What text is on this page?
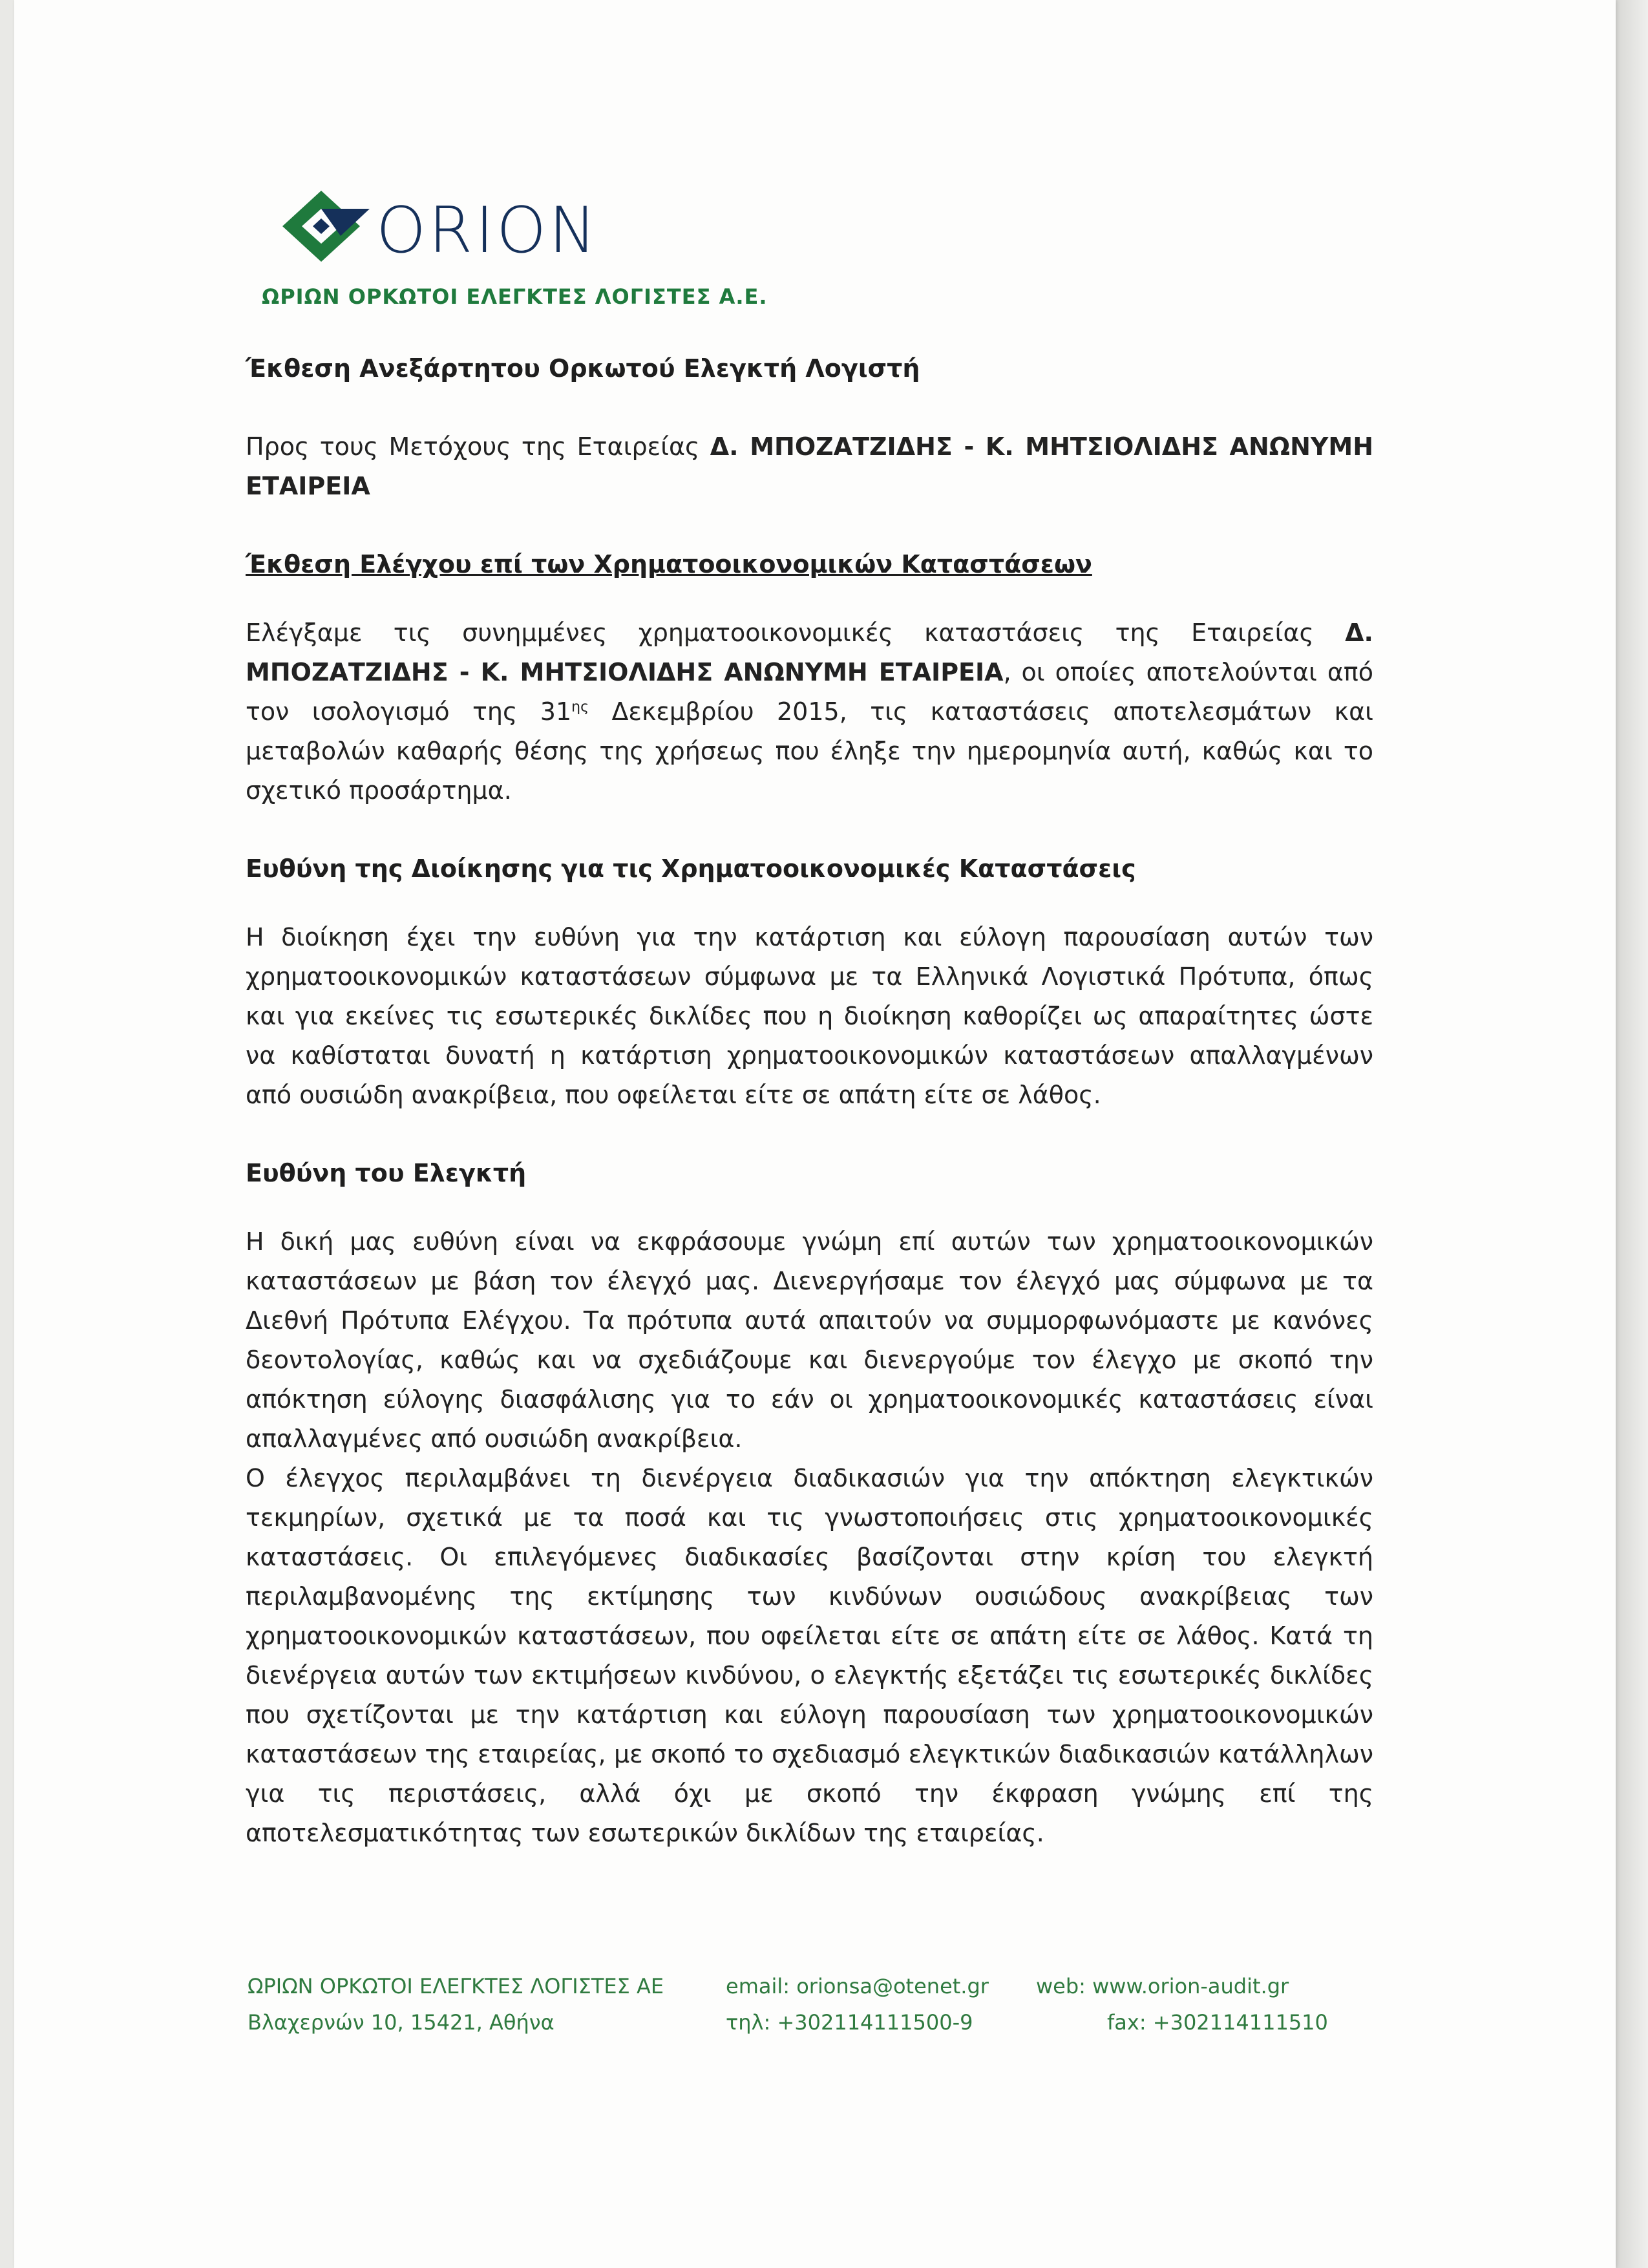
ORION
ΩΡΙΩΝ ΟΡΚΩΤΟΙ ΕΛΕΓΚΤΕΣ ΛΟΓΙΣΤΕΣ Α.Ε.

Έκθεση Ανεξάρτητου Ορκωτού Ελεγκτή Λογιστή

Προς τους Μετόχους της Εταιρείας Δ. ΜΠΟΖΑΤΖΙΔΗΣ - Κ. ΜΗΤΣΙΟΛΙΔΗΣ ΑΝΩΝΥΜΗ ΕΤΑΙΡΕΙΑ

Έκθεση Ελέγχου επί των Χρηματοοικονομικών Καταστάσεων

Ελέγξαμε τις συνημμένες χρηματοοικονομικές καταστάσεις της Εταιρείας Δ. ΜΠΟΖΑΤΖΙΔΗΣ - Κ. ΜΗΤΣΙΟΛΙΔΗΣ ΑΝΩΝΥΜΗ ΕΤΑΙΡΕΙΑ, οι οποίες αποτελούνται από τον ισολογισμό της $31^{\eta\varsigma}$ Δεκεμβρίου 2015, τις καταστάσεις αποτελεσμάτων και μεταβολών καθαρής θέσης της χρήσεως που έληξε την ημερομηνία αυτή, καθώς και το σχετικό προσάρτημα.

Ευθύνη της Διοίκησης για τις Χρηματοοικονομικές Καταστάσεις

Η διοίκηση έχει την ευθύνη για την κατάρτιση και εύλογη παρουσίαση αυτών των χρηματοοικονομικών καταστάσεων σύμφωνα με τα Ελληνικά Λογιστικά Πρότυπα, όπως και για εκείνες τις εσωτερικές δικλίδες που η διοίκηση καθορίζει ως απαραίτητες ώστε να καθίσταται δυνατή η κατάρτιση χρηματοοικονομικών καταστάσεων απαλλαγμένων από ουσιώδη ανακρίβεια, που οφείλεται είτε σε απάτη είτε σε λάθος.

Ευθύνη του Ελεγκτή

Η δική μας ευθύνη είναι να εκφράσουμε γνώμη επί αυτών των χρηματοοικονομικών καταστάσεων με βάση τον έλεγχό μας. Διενεργήσαμε τον έλεγχό μας σύμφωνα με τα Διεθνή Πρότυπα Ελέγχου. Τα πρότυπα αυτά απαιτούν να συμμορφωνόμαστε με κανόνες δεοντολογίας, καθώς και να σχεδιάζουμε και διενεργούμε τον έλεγχο με σκοπό την απόκτηση εύλογης διασφάλισης για το εάν οι χρηματοοικονομικές καταστάσεις είναι απαλλαγμένες από ουσιώδη ανακρίβεια.

Ο έλεγχος περιλαμβάνει τη διενέργεια διαδικασιών για την απόκτηση ελεγκτικών τεκμηρίων, σχετικά με τα ποσά και τις γνωστοποιήσεις στις χρηματοοικονομικές καταστάσεις. Οι επιλεγόμενες διαδικασίες βασίζονται στην κρίση του ελεγκτή περιλαμβανομένης της εκτίμησης των κινδύνων ουσιώδους ανακρίβειας των χρηματοοικονομικών καταστάσεων, που οφείλεται είτε σε απάτη είτε σε λάθος. Κατά τη διενέργεια αυτών των εκτιμήσεων κινδύνου, ο ελεγκτής εξετάζει τις εσωτερικές δικλίδες που σχετίζονται με την κατάρτιση και εύλογη παρουσίαση των χρηματοοικονομικών καταστάσεων της εταιρείας, με σκοπό το σχεδιασμό ελεγκτικών διαδικασιών κατάλληλων για τις περιστάσεις, αλλά όχι με σκοπό την έκφραση γνώμης επί της αποτελεσματικότητας των εσωτερικών δικλίδων της εταιρείας.

ΩΡΙΩΝ ΟΡΚΩΤΟΙ ΕΛΕΓΚΤΕΣ ΛΟΓΙΣΤΕΣ ΑΕ
Βλαχερνών 10, 15421, Αθήνα
email: orionsa@otenet.gr
τηλ: +302114111500-9
web: www.orion-audit.gr
fax: +302114111510
